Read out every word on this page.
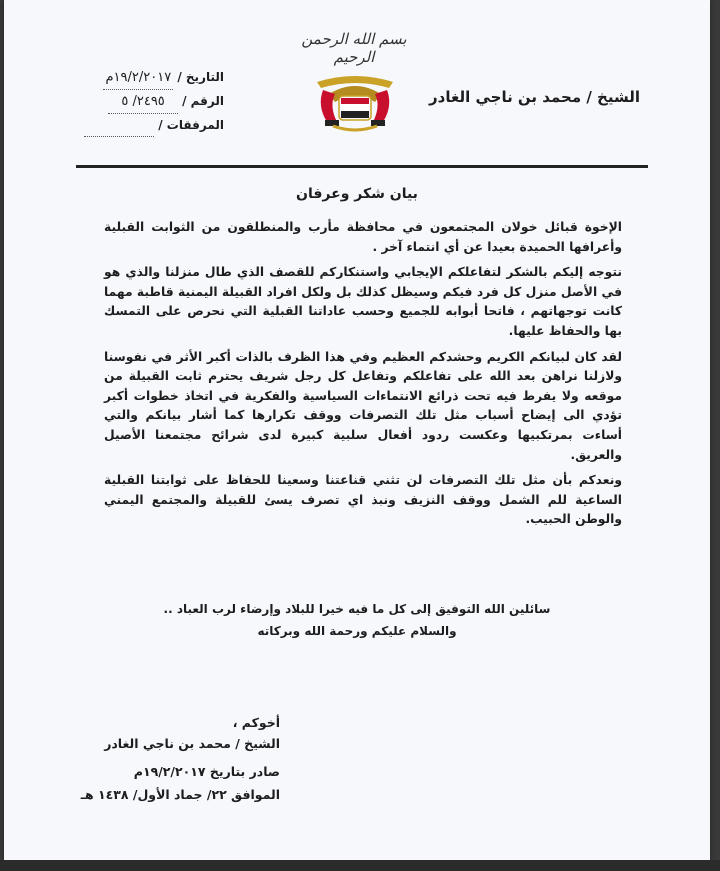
الشيخ / محمد بن ناجي الغادر
بسم الله الرحمن الرحيم
التاريخ /
١٩/٢/٢٠١٧م
الرقم /
٢٤٩٥/ ٥
المرفقات /
بيان شكر وعرفان

الإخوة قبائل خولان المجتمعون في محافظة مأرب والمنطلقون من الثوابت القبلية وأعرافها الحميدة بعيدا عن أي انتماء آخر .

نتوجه إليكم بالشكر لتفاعلكم الإيجابي واستنكاركم للقصف الذي طال منزلنا والذي هو في الأصل منزل كل فرد فيكم وسيظل كذلك بل ولكل افراد القبيلة اليمنية قاطبة مهما كانت توجهاتهم ، فاتحا أبوابه للجميع وحسب عاداتنا القبلية التي نحرص على التمسك بها والحفاظ عليها.

لقد كان لبيانكم الكريم وحشدكم العظيم وفي هذا الظرف بالذات أكبر الأثر في نفوسنا ولازلنا نراهن بعد الله على تفاعلكم وتفاعل كل رجل شريف يحترم ثابت القبيلة من موقعه ولا يفرط فيه تحت ذرائع الانتماءات السياسية والفكرية في اتخاذ خطوات أكبر تؤدي الى إيضاح أسباب مثل تلك التصرفات ووقف تكرارها كما أشار بيانكم والتي أساءت بمرتكبيها وعكست ردود أفعال سلبية كبيرة لدى شرائح مجتمعنا الأصيل والعريق.

ونعدكم بأن مثل تلك التصرفات لن تثني قناعتنا وسعينا للحفاظ على ثوابتنا القبلية الساعية للم الشمل ووقف النزيف ونبذ اي تصرف يسئ للقبيلة والمجتمع اليمني والوطن الحبيب.

سائلين الله التوفيق إلى كل ما فيه خيرا للبلاد وإرضاء لرب العباد ..
والسلام عليكم ورحمة الله وبركاته
أخوكم ،
الشيخ / محمد بن ناجي الغادر
صادر بتاريخ ١٩/٢/٢٠١٧م
الموافق ٢٢/ جماد الأول/ ١٤٣٨ هـ
